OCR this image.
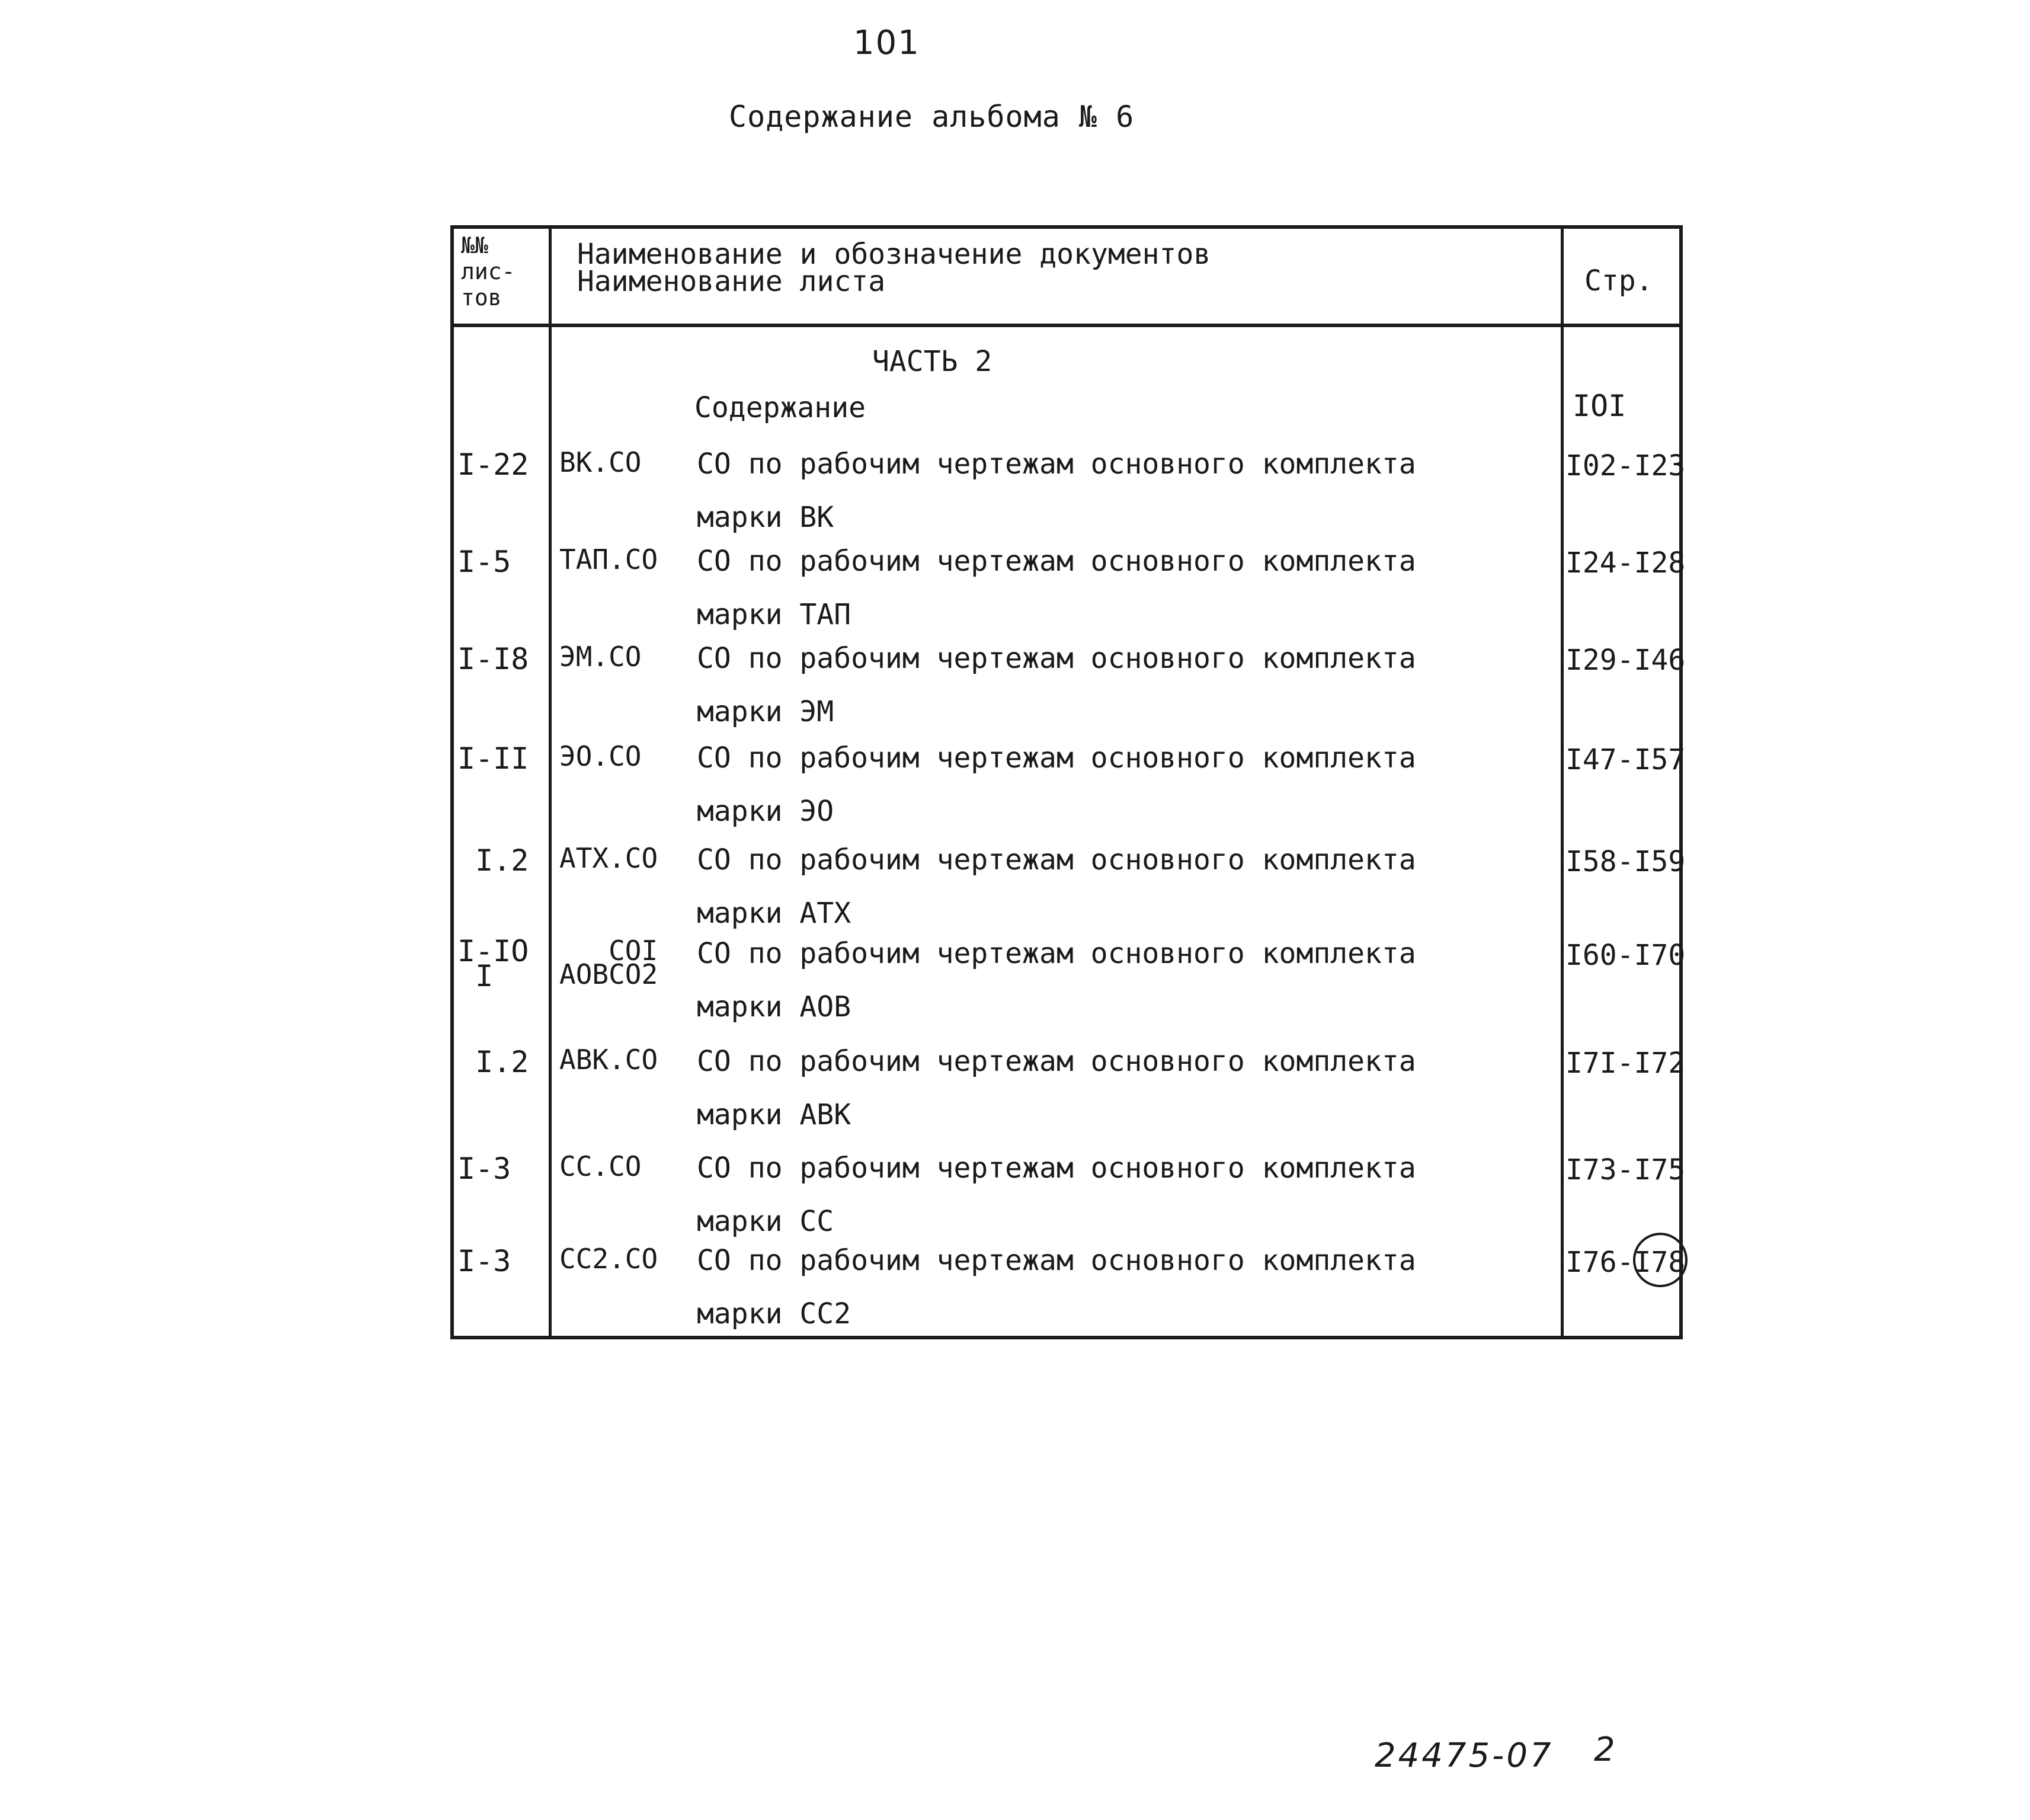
101
Содержание альбома № 6
№№
лис-
тов
Наименование и обозначение документов
Наименование листа	Стр.
ЧАСТЬ 2
Содержание	IOI
I-22 ВК.СО СО по рабочим чертежам основного комплекта
марки ВК
I02-I23
I-5 ТАП.СО СО по рабочим чертежам основного комплекта
марки ТАП
I24-I28
I-I8 ЭМ.СО СО по рабочим чертежам основного комплекта
марки ЭМ
I29-I46
I-II ЭО.СО СО по рабочим чертежам основного комплекта
марки ЭО
I47-I57
I.2 АТХ.СО СО по рабочим чертежам основного комплекта
марки АТХ
I58-I59
I-IO
I
COI
АОВСО2
СО по рабочим чертежам основного комплекта
марки АОВ
I60-I70
I.2 АВК.СО СО по рабочим чертежам основного комплекта
марки АВК
I7I-I72
I-3 СС.СО СО по рабочим чертежам основного комплекта
марки СС
I73-I75
I-3 СС2.СО СО по рабочим чертежам основного комплекта
марки СС2
I76-I78
24475-07 2
